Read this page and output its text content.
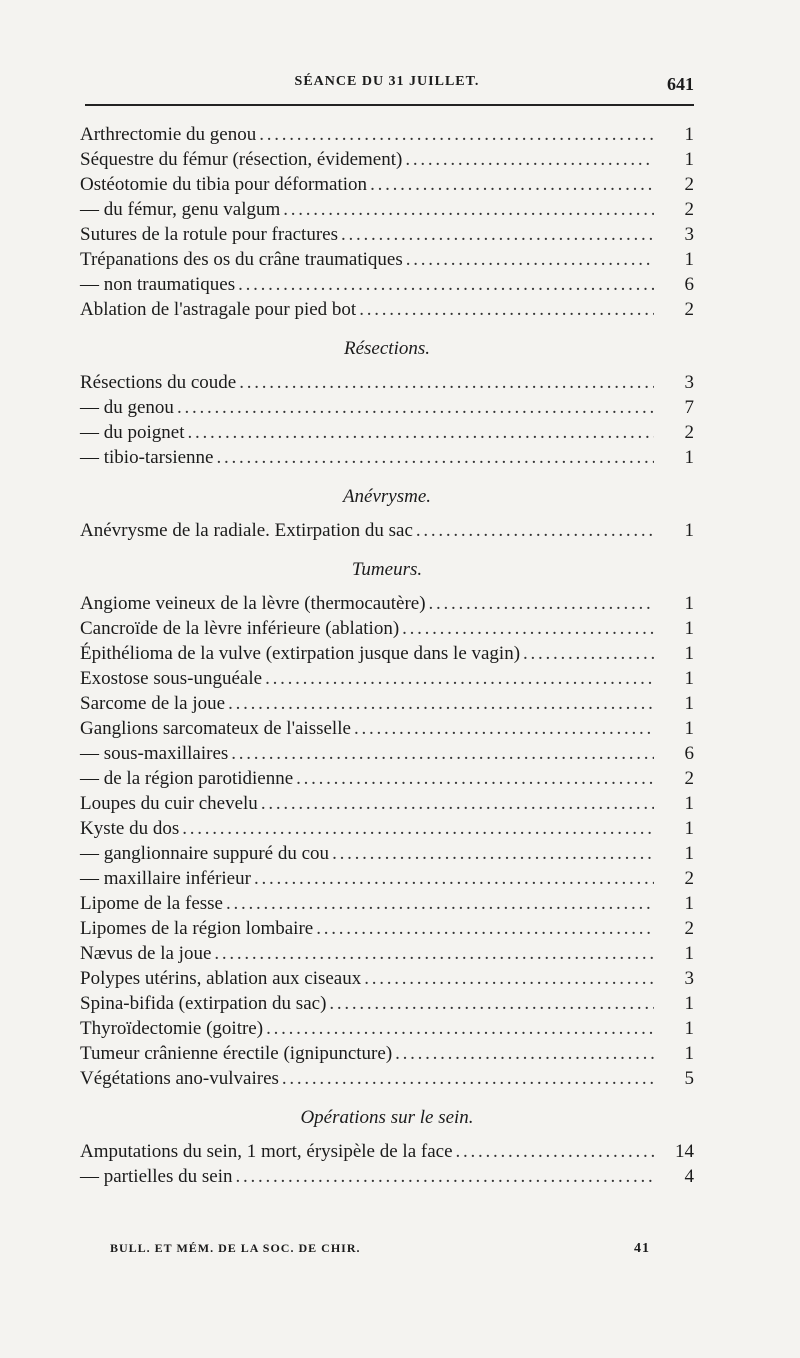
SÉANCE DU 31 JUILLET.	641
Arthrectomie du genou . . .	1
Séquestre du fémur (résection, évidement) . . .	1
Ostéotomie du tibia pour déformation . . .	2
— du fémur, genu valgum . . .	2
Sutures de la rotule pour fractures . . .	3
Trépanations des os du crâne traumatiques . . .	1
— non traumatiques . . .	6
Ablation de l'astragale pour pied bot . . .	2
Résections.
Résections du coude . . .	3
— du genou . . .	7
— du poignet . . .	2
— tibio-tarsienne . . .	1
Anévrysme.
Anévrysme de la radiale. Extirpation du sac . . .	1
Tumeurs.
Angiome veineux de la lèvre (thermocautère) . . .	1
Cancroïde de la lèvre inférieure (ablation) . . .	1
Épithélioma de la vulve (extirpation jusque dans le vagin) . . .	1
Exostose sous-unguéale . . .	1
Sarcome de la joue . . .	1
Ganglions sarcomateux de l'aisselle . . .	1
— sous-maxillaires . . .	6
— de la région parotidienne . . .	2
Loupes du cuir chevelu . . .	1
Kyste du dos . . .	1
— ganglionnaire suppuré du cou . . .	1
— maxillaire inférieur . . .	2
Lipome de la fesse . . .	1
Lipomes de la région lombaire . . .	2
Nævus de la joue . . .	1
Polypes utérins, ablation aux ciseaux . . .	3
Spina-bifida (extirpation du sac) . . .	1
Thyroïdectomie (goitre) . . .	1
Tumeur crânienne érectile (ignipuncture) . . .	1
Végétations ano-vulvaires . . .	5
Opérations sur le sein.
Amputations du sein, 1 mort, érysipèle de la face . . .	14
— partielles du sein . . .	4
BULL. ET MÉM. DE LA SOC. DE CHIR.	41
